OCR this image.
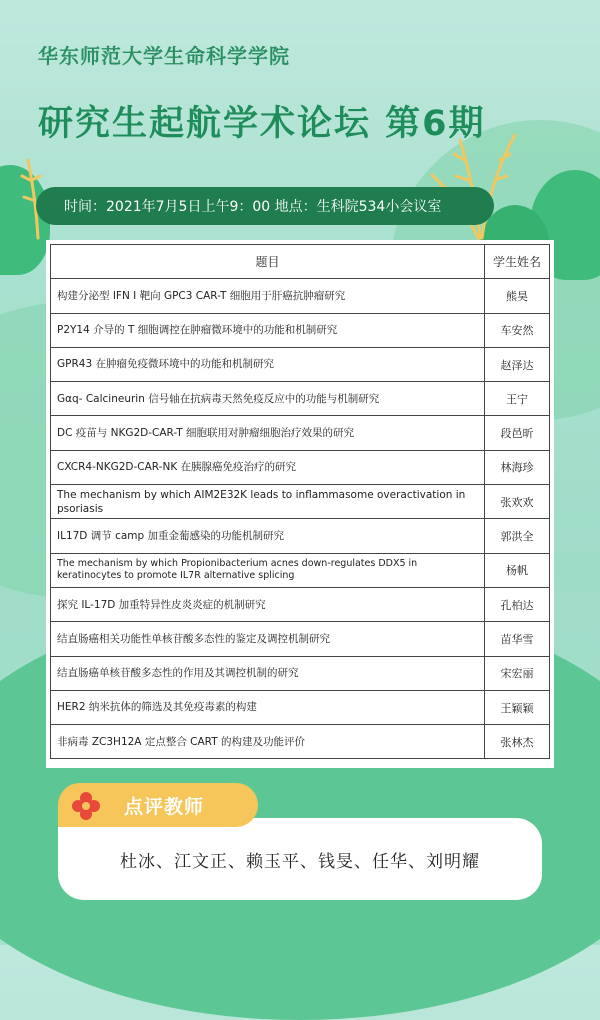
华东师范大学生命科学学院
研究生起航学术论坛 第6期
时间：2021年7月5日上午9：00 地点：生科院534小会议室
题目	学生姓名
构建分泌型 IFN I 靶向 GPC3 CAR-T 细胞用于肝癌抗肿瘤研究	熊昊
P2Y14 介导的 T 细胞调控在肿瘤微环境中的功能和机制研究	车安然
GPR43 在肿瘤免疫微环境中的功能和机制研究	赵泽达
Gαq- Calcineurin 信号轴在抗病毒天然免疫反应中的功能与机制研究	王宁
DC 疫苗与 NKG2D-CAR-T 细胞联用对肿瘤细胞治疗效果的研究	段邑昕
CXCR4-NKG2D-CAR-NK 在胰腺癌免疫治疗的研究	林海珍
The mechanism by which AIM2E32K leads to inflammasome overactivation in psoriasis	张欢欢
IL17D 调节 camp 加重金葡感染的功能机制研究	郭洪全
The mechanism by which Propionibacterium acnes down-regulates DDX5 in keratinocytes to promote IL7R alternative splicing	杨帆
探究 IL-17D 加重特异性皮炎炎症的机制研究	孔柏达
结直肠癌相关功能性单核苷酸多态性的鉴定及调控机制研究	苗华雪
结直肠癌单核苷酸多态性的作用及其调控机制的研究	宋宏丽
HER2 纳米抗体的筛选及其免疫毒素的构建	王颖颖
非病毒 ZC3H12A 定点整合 CART 的构建及功能评价	张林杰
杜冰、江文正、赖玉平、钱旻、任华、刘明耀
点评教师
